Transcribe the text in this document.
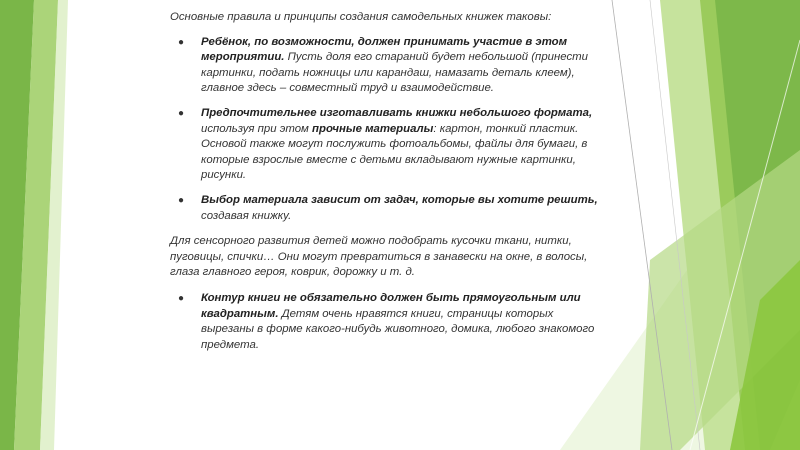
Основные правила и принципы создания самодельных книжек таковы:

● Ребёнок, по возможности, должен принимать участие в этом мероприятии. Пусть доля его стараний будет небольшой (принести картинки, подать ножницы или карандаш, намазать деталь клеем), главное здесь – совместный труд и взаимодействие.
● Предпочтительнее изготавливать книжки небольшого формата, используя при этом прочные материалы: картон, тонкий пластик. Основой также могут послужить фотоальбомы, файлы для бумаги, в которые взрослые вместе с детьми вкладывают нужные картинки, рисунки.
● Выбор материала зависит от задач, которые вы хотите решить, создавая книжку.

Для сенсорного развития детей можно подобрать кусочки ткани, нитки, пуговицы, спички… Они могут превратиться в занавески на окне, в волосы, глаза главного героя, коврик, дорожку и т. д.

● Контур книги не обязательно должен быть прямоугольным или квадратным. Детям очень нравятся книги, страницы которых вырезаны в форме какого-нибудь животного, домика, любого знакомого предмета.
